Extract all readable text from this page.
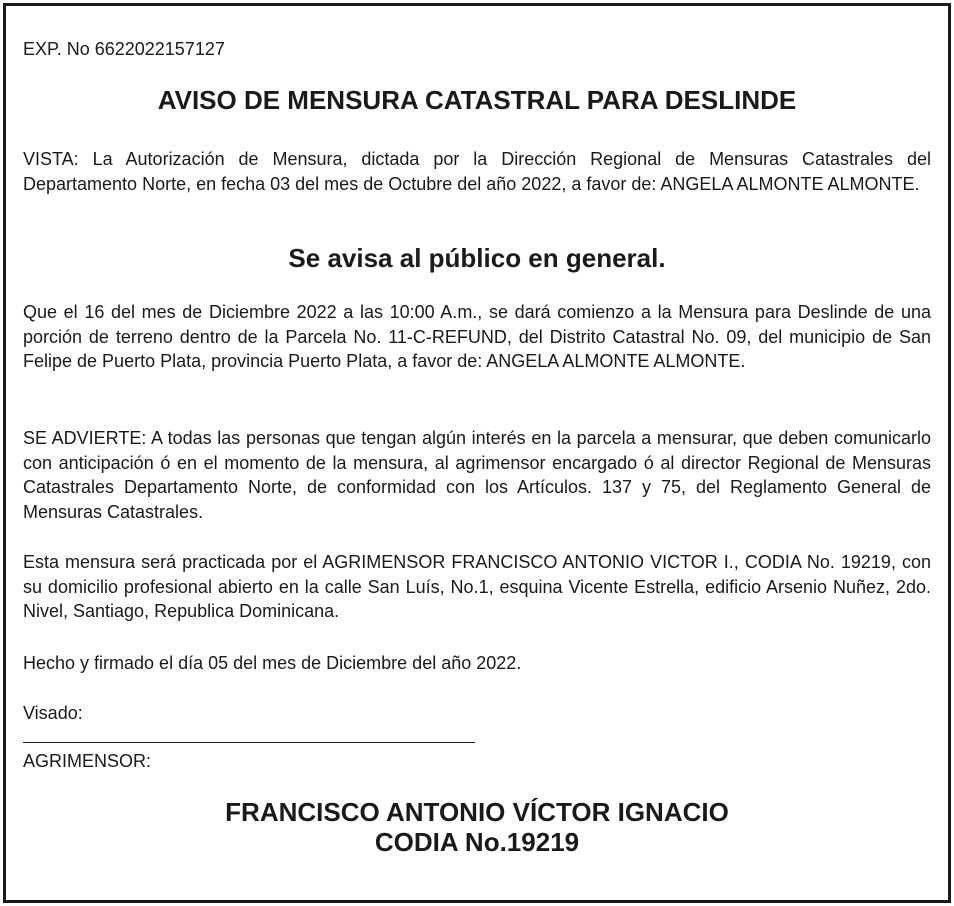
EXP. No 6622022157127
AVISO DE MENSURA CATASTRAL PARA DESLINDE

VISTA: La Autorización de Mensura, dictada por la Dirección Regional de Mensuras Catastrales del Departamento Norte, en fecha 03 del mes de Octubre del año 2022, a favor de: ANGELA ALMONTE ALMONTE.

Se avisa al público en general.

Que el 16 del mes de Diciembre 2022 a las 10:00 A.m., se dará comienzo a la Mensura para Deslinde de una porción de terreno dentro de la Parcela No. 11-C-REFUND, del Distrito Catastral No. 09, del municipio de San Felipe de Puerto Plata, provincia Puerto Plata, a favor de: ANGELA ALMONTE ALMONTE.

SE ADVIERTE: A todas las personas que tengan algún interés en la parcela a mensurar, que deben comunicarlo con anticipación ó en el momento de la mensura, al agrimensor encargado ó al director Regional de Mensuras Catastrales Departamento Norte, de conformidad con los Artículos. 137 y 75, del Reglamento General de Mensuras Catastrales.

Esta mensura será practicada por el AGRIMENSOR FRANCISCO ANTONIO VICTOR I., CODIA No. 19219, con su domicilio profesional abierto en la calle San Luís, No.1, esquina Vicente Estrella, edificio Arsenio Nuñez, 2do. Nivel, Santiago, Republica Dominicana.

Hecho y firmado el día 05 del mes de Diciembre del año 2022.

Visado:
AGRIMENSOR:
FRANCISCO ANTONIO VÍCTOR IGNACIO
CODIA No.19219
